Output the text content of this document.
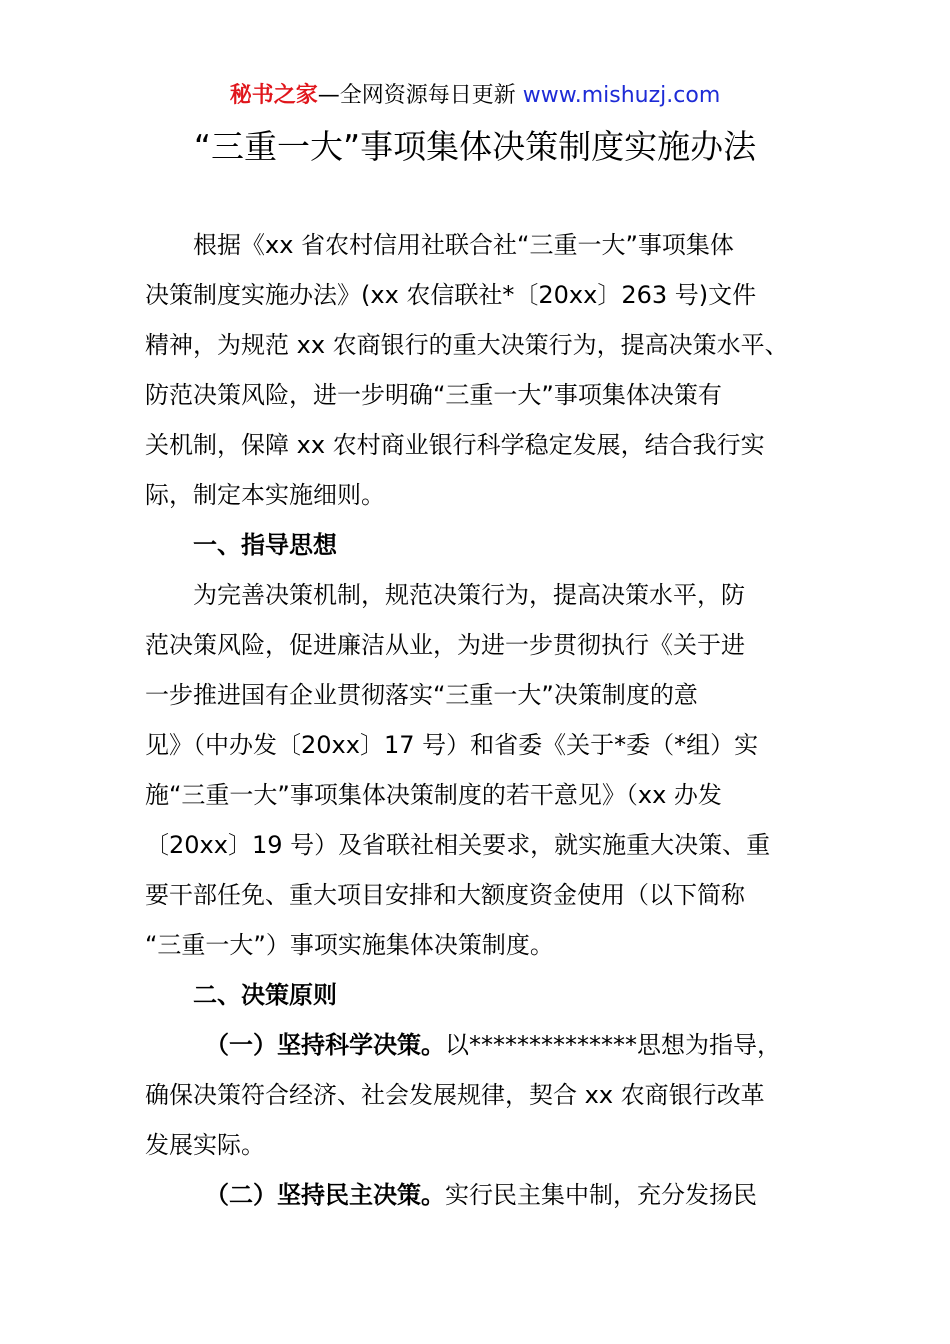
秘书之家—全网资源每日更新 www.mishuzj.com
“三重一大”事项集体决策制度实施办法
根据《xx 省农村信用社联合社“三重一大”事项集体
决策制度实施办法》(xx 农信联社*〔20xx〕263 号)文件
精神，为规范 xx 农商银行的重大决策行为，提高决策水平、
防范决策风险，进一步明确“三重一大”事项集体决策有
关机制，保障 xx 农村商业银行科学稳定发展，结合我行实
际，制定本实施细则。
一、指导思想
为完善决策机制，规范决策行为，提高决策水平，防
范决策风险，促进廉洁从业，为进一步贯彻执行《关于进
一步推进国有企业贯彻落实“三重一大”决策制度的意
见》（中办发〔20xx〕17 号）和省委《关于*委（*组）实
施“三重一大”事项集体决策制度的若干意见》（xx 办发
〔20xx〕19 号）及省联社相关要求，就实施重大决策、重
要干部任免、重大项目安排和大额度资金使用（以下简称
“三重一大”）事项实施集体决策制度。
二、决策原则
（一）坚持科学决策。以**************思想为指导，
确保决策符合经济、社会发展规律，契合 xx 农商银行改革
发展实际。
（二）坚持民主决策。实行民主集中制，充分发扬民
